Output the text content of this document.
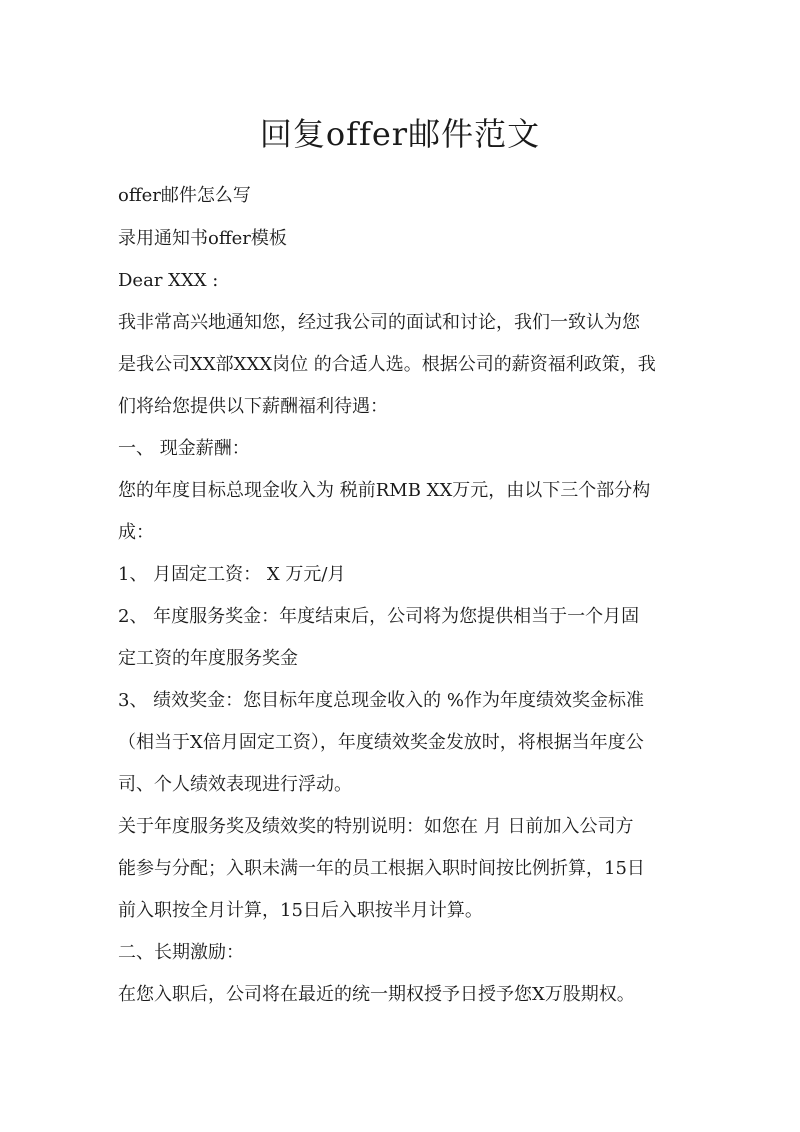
回复offer邮件范文
offer邮件怎么写
录用通知书offer模板
Dear XXX :
我非常高兴地通知您，经过我公司的面试和讨论，我们一致认为您
是我公司XX部XXX岗位 的合适人选。根据公司的薪资福利政策，我
们将给您提供以下薪酬福利待遇：
一、 现金薪酬：
您的年度目标总现金收入为 税前RMB XX万元，由以下三个部分构
成：
1、 月固定工资： X 万元/月
2、 年度服务奖金：年度结束后，公司将为您提供相当于一个月固
定工资的年度服务奖金
3、 绩效奖金：您目标年度总现金收入的 %作为年度绩效奖金标准
（相当于X倍月固定工资），年度绩效奖金发放时，将根据当年度公
司、个人绩效表现进行浮动。
关于年度服务奖及绩效奖的特别说明：如您在 月 日前加入公司方
能参与分配；入职未满一年的员工根据入职时间按比例折算，15日
前入职按全月计算，15日后入职按半月计算。
二、长期激励：
在您入职后，公司将在最近的统一期权授予日授予您X万股期权。
